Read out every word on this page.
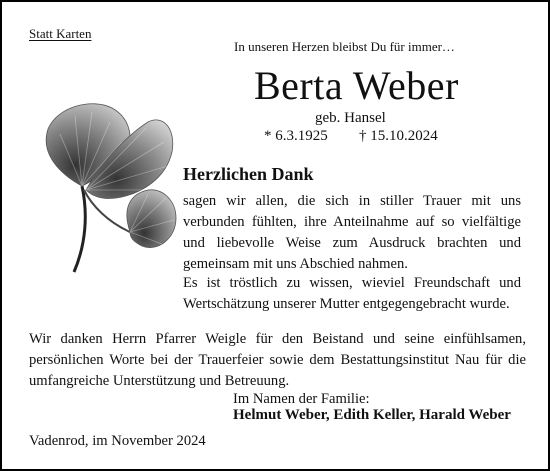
Statt Karten
In unseren Herzen bleibst Du für immer…
Berta Weber
geb. Hansel
* 6.3.1925 † 15.10.2024
Herzlichen Dank
sagen wir allen, die sich in stiller Trauer mit uns verbunden fühlten, ihre Anteilnahme auf so vielfältige und liebevolle Weise zum Ausdruck brachten und gemeinsam mit uns Abschied nahmen.
Es ist tröstlich zu wissen, wieviel Freundschaft und Wertschätzung unserer Mutter entgegengebracht wurde.
Wir danken Herrn Pfarrer Weigle für den Beistand und seine einfühlsamen, persönlichen Worte bei der Trauerfeier sowie dem Bestattungsinstitut Nau für die umfangreiche Unterstützung und Betreuung.
Im Namen der Familie:
Helmut Weber, Edith Keller, Harald Weber
Vadenrod, im November 2024
